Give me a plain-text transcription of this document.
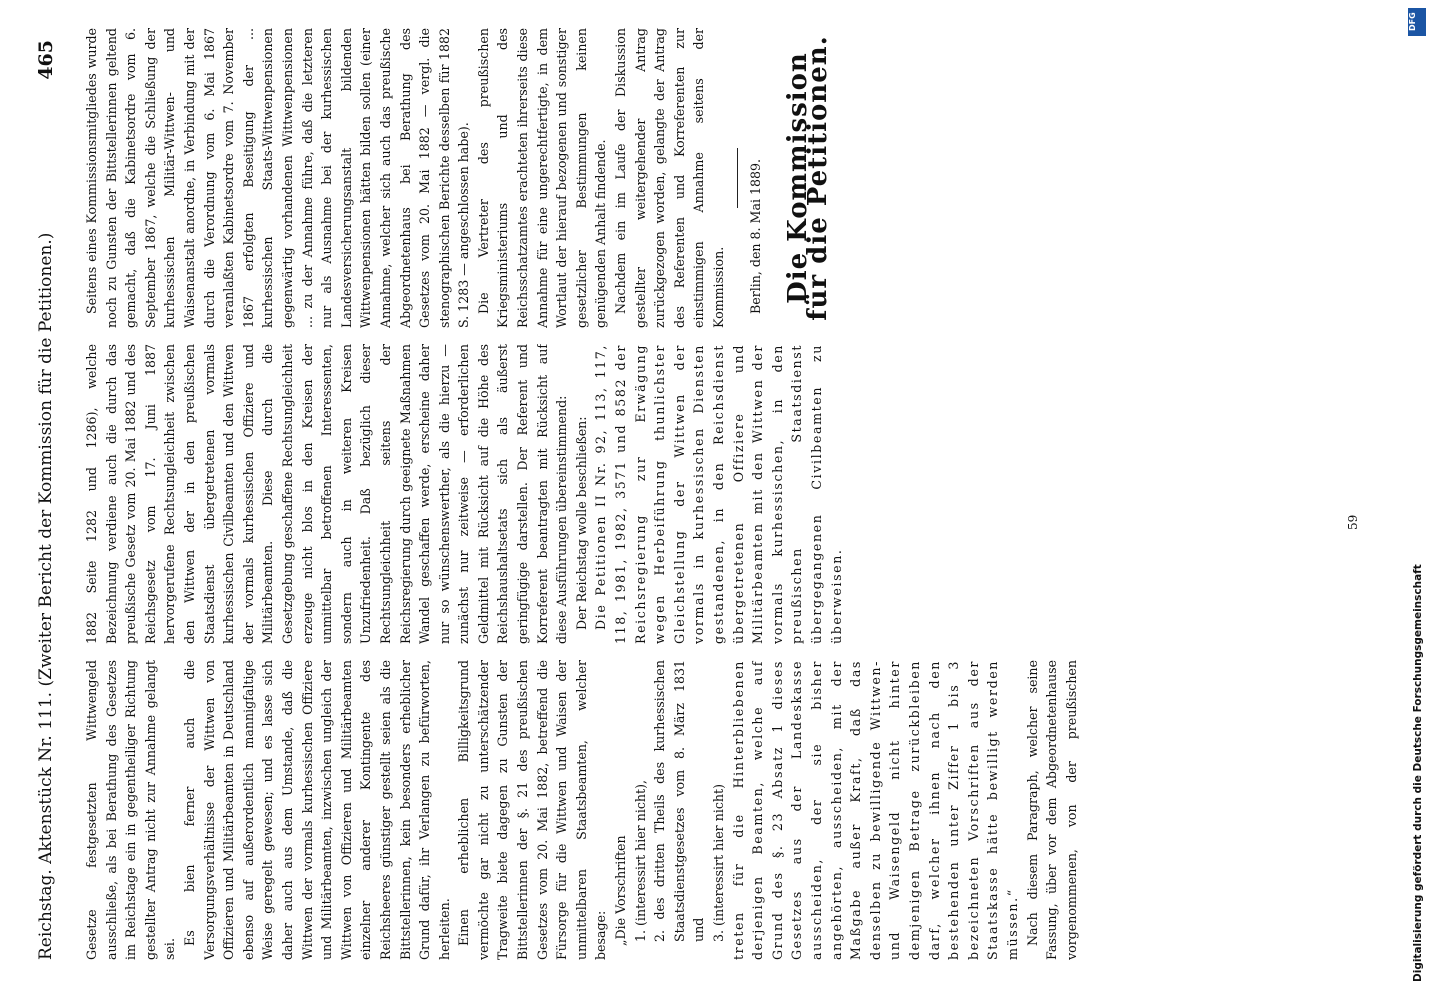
Reichstag. Aktenstück Nr. 111. (Zweiter Bericht der Kommission für die Petitionen.)
465

Gesetze festgesetzten Wittwengeld ausschließe, als bei Berathung des Gesetzes im Reichstage ein in gegentheiliger Richtung gestellter Antrag nicht zur Annahme gelangt sei.

Es bien ferner auch die Versorgungsverhältnisse der Wittwen von Offizieren und Militärbeamten in Deutschland ebenso auf außerordentlich mannigfaltige Weise geregelt gewesen; und es lasse sich daher auch aus dem Umstande, daß die Wittwen der vormals kurhessischen Offiziere und Militärbeamten, inzwischen ungleich der Wittwen von Offizieren und Militärbeamten einzelner anderer Kontingente des Reichsheeres günstiger gestellt seien als die Bittstellerinnen, kein besonders erheblicher Grund dafür, ihr Verlangen zu befürworten, herleiten. Einen erheblichen Billigkeitsgrund vermöchte gar nicht zu unterschätzender Tragweite biete dagegen zu Gunsten der Bittstellerinnen der §. 21 des preußischen Gesetzes vom 20. Mai 1882, betreffend die Fürsorge für die Wittwen und Waisen der unmittelbaren Staatsbeamten, welcher besage: „Die Vorschriften 1. (interessirt hier nicht), 2. des dritten Theils des kurhessischen Staatsdienstgesetzes vom 8. März 1831 und 3. (interessirt hier nicht) treten für die Hinterbliebenen derjenigen Beamten, welche auf Grund des §. 23 Absatz 1 dieses Gesetzes aus der Landeskasse ausscheiden, der sie bisher angehörten, ausscheiden, mit der Maßgabe außer Kraft, daß das denselben zu bewilligende Wittwen- und Waisengeld nicht hinter demjenigen Betrage zurückbleiben darf, welcher ihnen nach den bestehenden unter Ziffer 1 bis 3 bezeichneten Vorschriften aus der Staatskasse hätte bewilligt werden müssen.“ Nach diesem Paragraph, welcher seine Fassung, über vor dem Abgeordnetenhause vorgenommenen, von der preußischen

1882 Seite 1282 und 1286), welche Bezeichnung verdiene auch die durch das preußische Gesetz vom 20. Mai 1882 und des Reichsgesetz vom 17. Juni 1887 hervorgerufene Rechtsungleichheit zwischen den Wittwen der in den preußischen Staatsdienst übergetretenen vormals kurhessischen Civilbeamten und den Wittwen der vormals kurhessischen Offiziere und Militärbeamten. Diese durch die Gesetzgebung geschaffene Rechtsungleichheit erzeuge nicht blos in den Kreisen der unmittelbar betroffenen Interessenten, sondern auch in weiteren Kreisen Unzufriedenheit. Daß bezüglich dieser Rechtsungleichheit seitens der Reichsregierung durch geeignete Maßnahmen Wandel geschaffen werde, erscheine daher nur so wünschenswerther, als die hierzu — zunächst nur zeitweise — erforderlichen Geldmittel mit Rücksicht auf die Höhe des Reichshaushaltsetats sich als äußerst geringfügige darstellen. Der Referent und Korreferent beantragten mit Rücksicht auf diese Ausführungen übereinstimmend: Der Reichstag wolle beschließen: Die Petitionen II Nr. 92, 113, 117, 118, 1981, 1982, 3571 und 8582 der Reichsregierung zur Erwägung wegen Herbeiführung thunlichster Gleichstellung der Wittwen der vormals in kurhessischen Diensten gestandenen, in den Reichsdienst übergetretenen Offiziere und Militärbeamten mit den Wittwen der vormals kurhessischen, in den preußischen Staatsdienst übergegangenen Civilbeamten zu überweisen.

Seitens eines Kommissionsmitgliedes wurde noch zu Gunsten der Bittstellerinnen geltend gemacht, daß die Kabinetsordre vom 6. September 1867, welche die Schließung der kurhessischen Militär-Wittwen- und Waisenanstalt anordne, in Verbindung mit der durch die Verordnung vom 6. Mai 1867 veranlaßten Kabinetsordre vom 7. November 1867 erfolgten Beseitigung der ... kurhessischen Staats-Wittwenpensionen gegenwärtig vorhandenen Wittwenpensionen ... zu der Annahme führe, daß die letzteren nur als Ausnahme bei der kurhessischen Landesversicherungsanstalt bildenden Wittwenpensionen hätten bilden sollen (einer Annahme, welcher sich auch das preußische Abgeordnetenhaus bei Berathung des Gesetzes vom 20. Mai 1882 — vergl. die stenographischen Berichte desselben für 1882 S. 1283 — angeschlossen habe). Die Vertreter des preußischen Kriegsministeriums und des Reichsschatzamtes erachteten ihrerseits diese Annahme für eine ungerechtfertigte, in dem Wortlaut der hierauf bezogenen und sonstiger gesetzlicher Bestimmungen keinen genügenden Anhalt findende. Nachdem ein im Laufe der Diskussion gestellter weitergehender Antrag zurückgezogen worden, gelangte der Antrag des Referenten und Korreferenten zur einstimmigen Annahme seitens der Kommission. Berlin, den 8. Mai 1889. Die Kommission für die Petitionen.
59
Digitalisierung gefördert durch die Deutsche Forschungsgemeinschaft
DFG
